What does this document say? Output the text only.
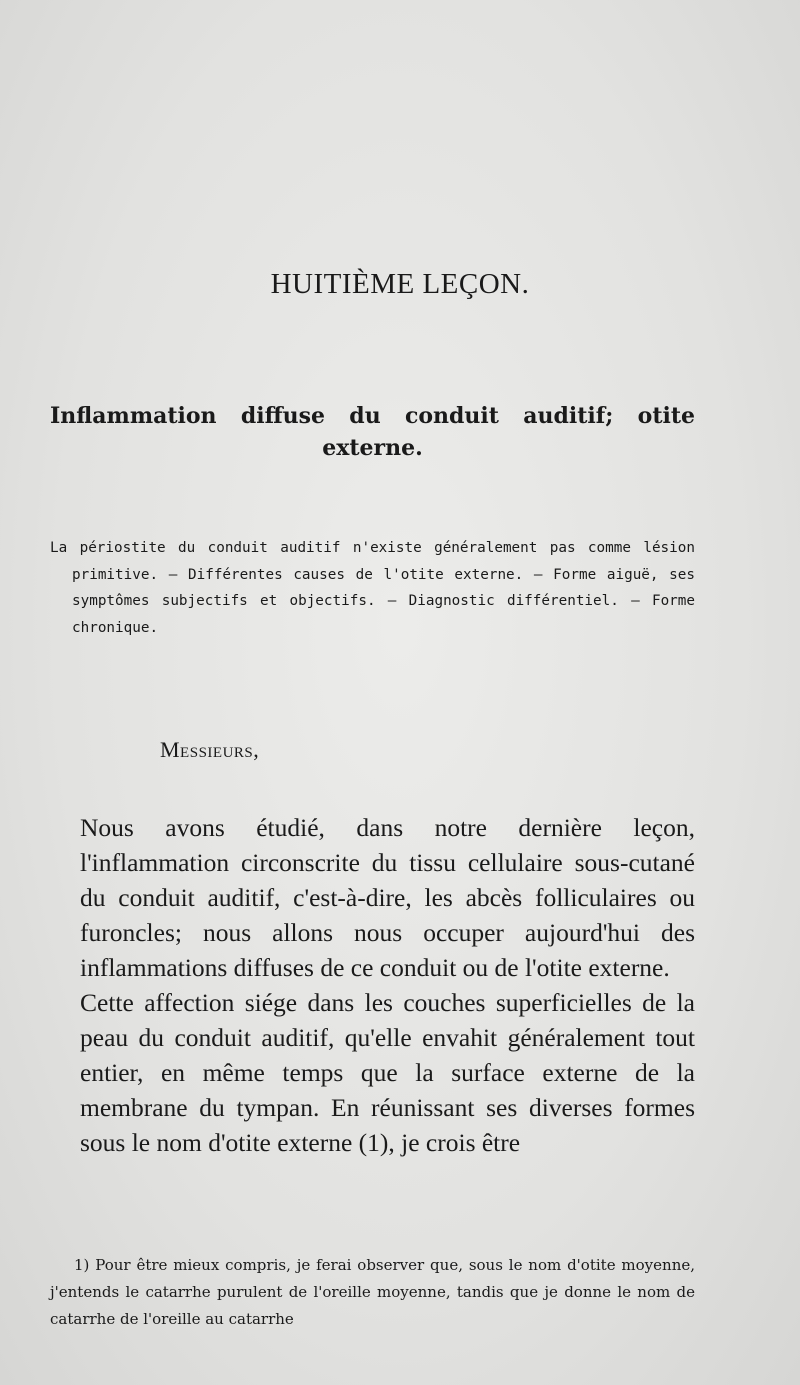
HUITIÈME LEÇON.
Inflammation diffuse du conduit auditif; otite externe.
La périostite du conduit auditif n'existe généralement pas comme lésion primitive. — Différentes causes de l'otite externe. — Forme aiguë, ses symptômes subjectifs et objectifs. — Diagnostic différentiel. — Forme chronique.
Messieurs,

Nous avons étudié, dans notre dernière leçon, l'inflammation circonscrite du tissu cellulaire sous-cutané du conduit auditif, c'est-à-dire, les abcès folliculaires ou furoncles; nous allons nous occuper aujourd'hui des inflammations diffuses de ce conduit ou de l'otite externe.

Cette affection siége dans les couches superficielles de la peau du conduit auditif, qu'elle envahit généralement tout entier, en même temps que la surface externe de la membrane du tympan. En réunissant ses diverses formes sous le nom d'otite externe (1), je crois être

1) Pour être mieux compris, je ferai observer que, sous le nom d'otite moyenne, j'entends le catarrhe purulent de l'oreille moyenne, tandis que je donne le nom de catarrhe de l'oreille au catarrhe
